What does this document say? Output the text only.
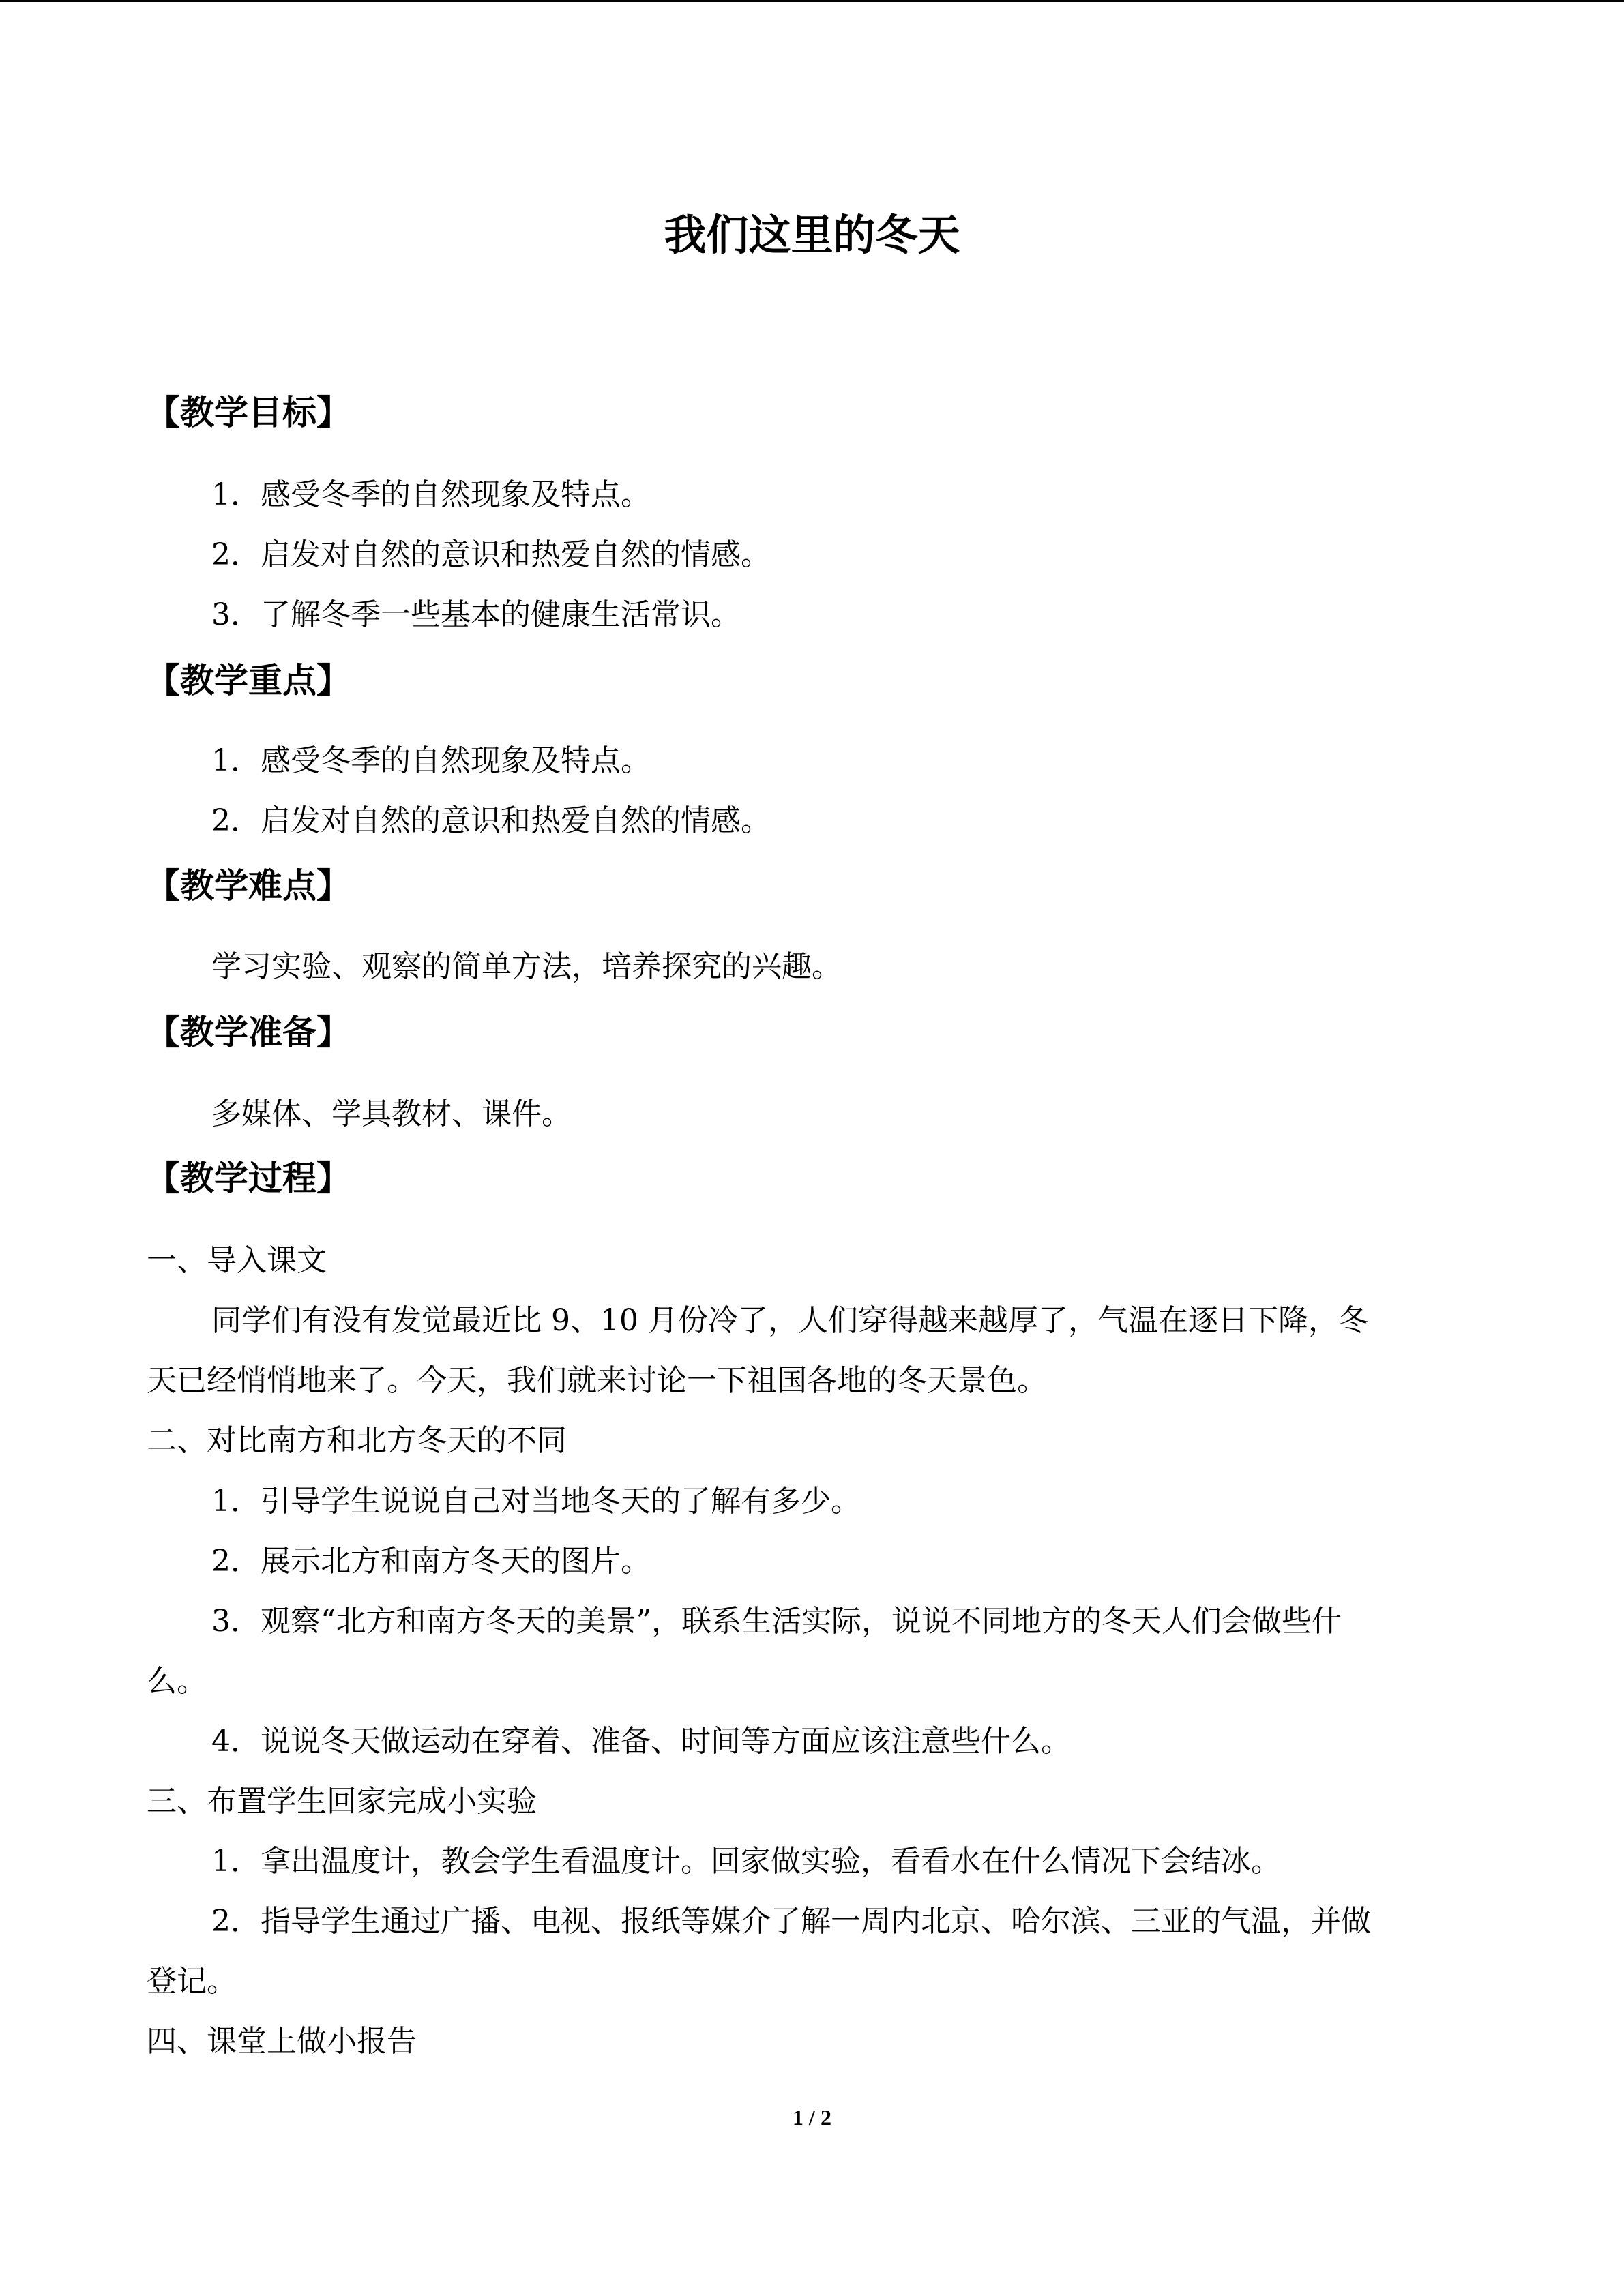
我们这里的冬天
【教学目标】

1．感受冬季的自然现象及特点。

2．启发对自然的意识和热爱自然的情感。

3．了解冬季一些基本的健康生活常识。

【教学重点】

1．感受冬季的自然现象及特点。

2．启发对自然的意识和热爱自然的情感。

【教学难点】

学习实验、观察的简单方法，培养探究的兴趣。

【教学准备】

多媒体、学具教材、课件。

【教学过程】

一、导入课文

同学们有没有发觉最近比 9、10 月份冷了，人们穿得越来越厚了，气温在逐日下降，冬

天已经悄悄地来了。今天，我们就来讨论一下祖国各地的冬天景色。

二、对比南方和北方冬天的不同

1．引导学生说说自己对当地冬天的了解有多少。

2．展示北方和南方冬天的图片。

3．观察“北方和南方冬天的美景”，联系生活实际，说说不同地方的冬天人们会做些什

么。

4．说说冬天做运动在穿着、准备、时间等方面应该注意些什么。

三、布置学生回家完成小实验

1．拿出温度计，教会学生看温度计。回家做实验，看看水在什么情况下会结冰。

2．指导学生通过广播、电视、报纸等媒介了解一周内北京、哈尔滨、三亚的气温，并做

登记。

四、课堂上做小报告

1 / 2
